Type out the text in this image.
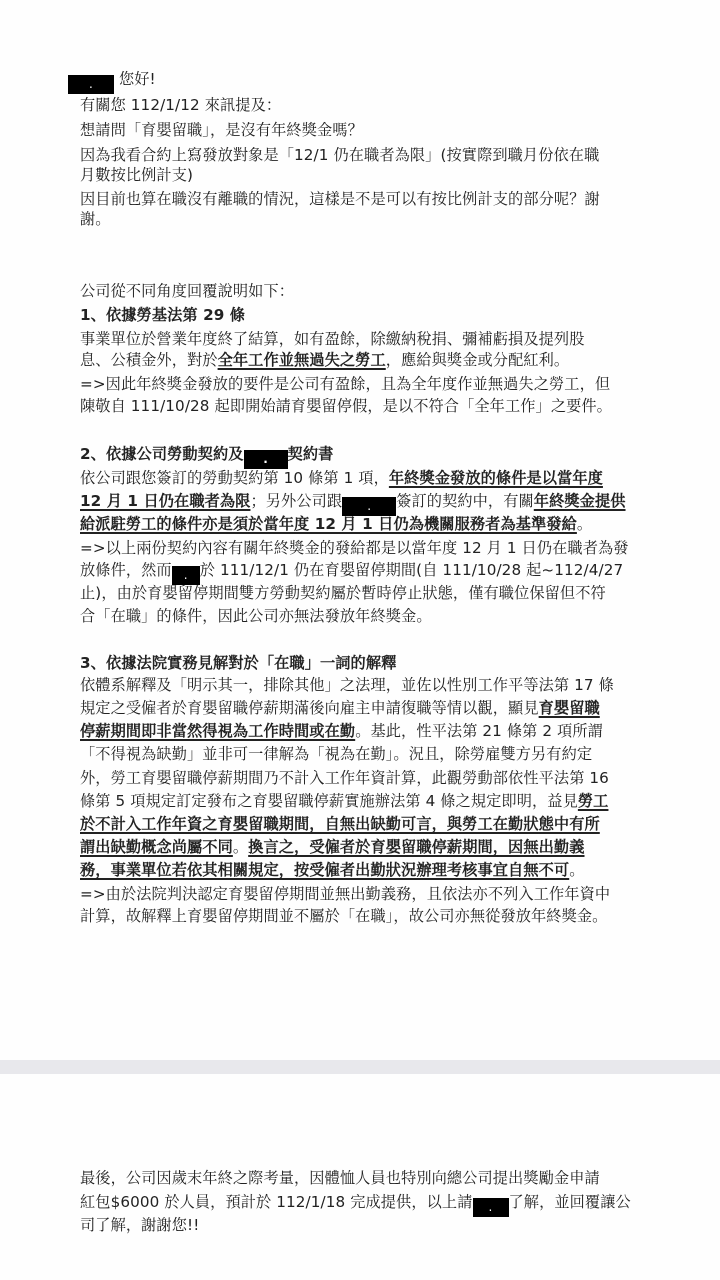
. 您好!
有關您 112/1/12 來訊提及：
想請問「育嬰留職」，是沒有年終獎金嗎？
因為我看合約上寫發放對象是「12/1 仍在職者為限」(按實際到職月份依在職
月數按比例計支)
因目前也算在職沒有離職的情況，這樣是不是可以有按比例計支的部分呢？謝
謝。
公司從不同角度回覆說明如下：
1、依據勞基法第 29 條
事業單位於營業年度終了結算，如有盈餘，除繳納稅捐、彌補虧損及提列股
息、公積金外，對於全年工作並無過失之勞工，應給與獎金或分配紅利。
=>因此年終獎金發放的要件是公司有盈餘，且為全年度作並無過失之勞工，但
陳敬自 111/10/28 起即開始請育嬰留停假，是以不符合「全年工作」之要件。
2、依據公司勞動契約及 . 契約書
依公司跟您簽訂的勞動契約第 10 條第 1 項，年終獎金發放的條件是以當年度
12 月 1 日仍在職者為限；另外公司跟 . 簽訂的契約中，有關年終獎金提供
給派駐勞工的條件亦是須於當年度 12 月 1 日仍為機關服務者為基準發給。
=>以上兩份契約內容有關年終獎金的發給都是以當年度 12 月 1 日仍在職者為發
放條件，然而 . 於 111/12/1 仍在育嬰留停期間(自 111/10/28 起~112/4/27
止)，由於育嬰留停期間雙方勞動契約屬於暫時停止狀態，僅有職位保留但不符
合「在職」的條件，因此公司亦無法發放年終獎金。
3、依據法院實務見解對於「在職」一詞的解釋
依體系解釋及「明示其一，排除其他」之法理，並佐以性別工作平等法第 17 條
規定之受僱者於育嬰留職停薪期滿後向雇主申請復職等情以觀，顯見育嬰留職
停薪期間即非當然得視為工作時間或在勤。基此，性平法第 21 條第 2 項所謂
「不得視為缺勤」並非可一律解為「視為在勤」。況且，除勞雇雙方另有約定
外，勞工育嬰留職停薪期間乃不計入工作年資計算，此觀勞動部依性平法第 16
條第 5 項規定訂定發布之育嬰留職停薪實施辦法第 4 條之規定即明，益見勞工
於不計入工作年資之育嬰留職期間，自無出缺勤可言，與勞工在勤狀態中有所
謂出缺勤概念尚屬不同。換言之，受僱者於育嬰留職停薪期間，因無出勤義
務，事業單位若依其相關規定，按受僱者出勤狀況辦理考核事宜自無不可。
=>由於法院判決認定育嬰留停期間並無出勤義務，且依法亦不列入工作年資中
計算，故解釋上育嬰留停期間並不屬於「在職」，故公司亦無從發放年終獎金。
最後，公司因歲末年終之際考量，因體恤人員也特別向總公司提出獎勵金申請
紅包$6000 於人員，預計於 112/1/18 完成提供，以上請 . 了解，並回覆讓公
司了解，謝謝您!!
